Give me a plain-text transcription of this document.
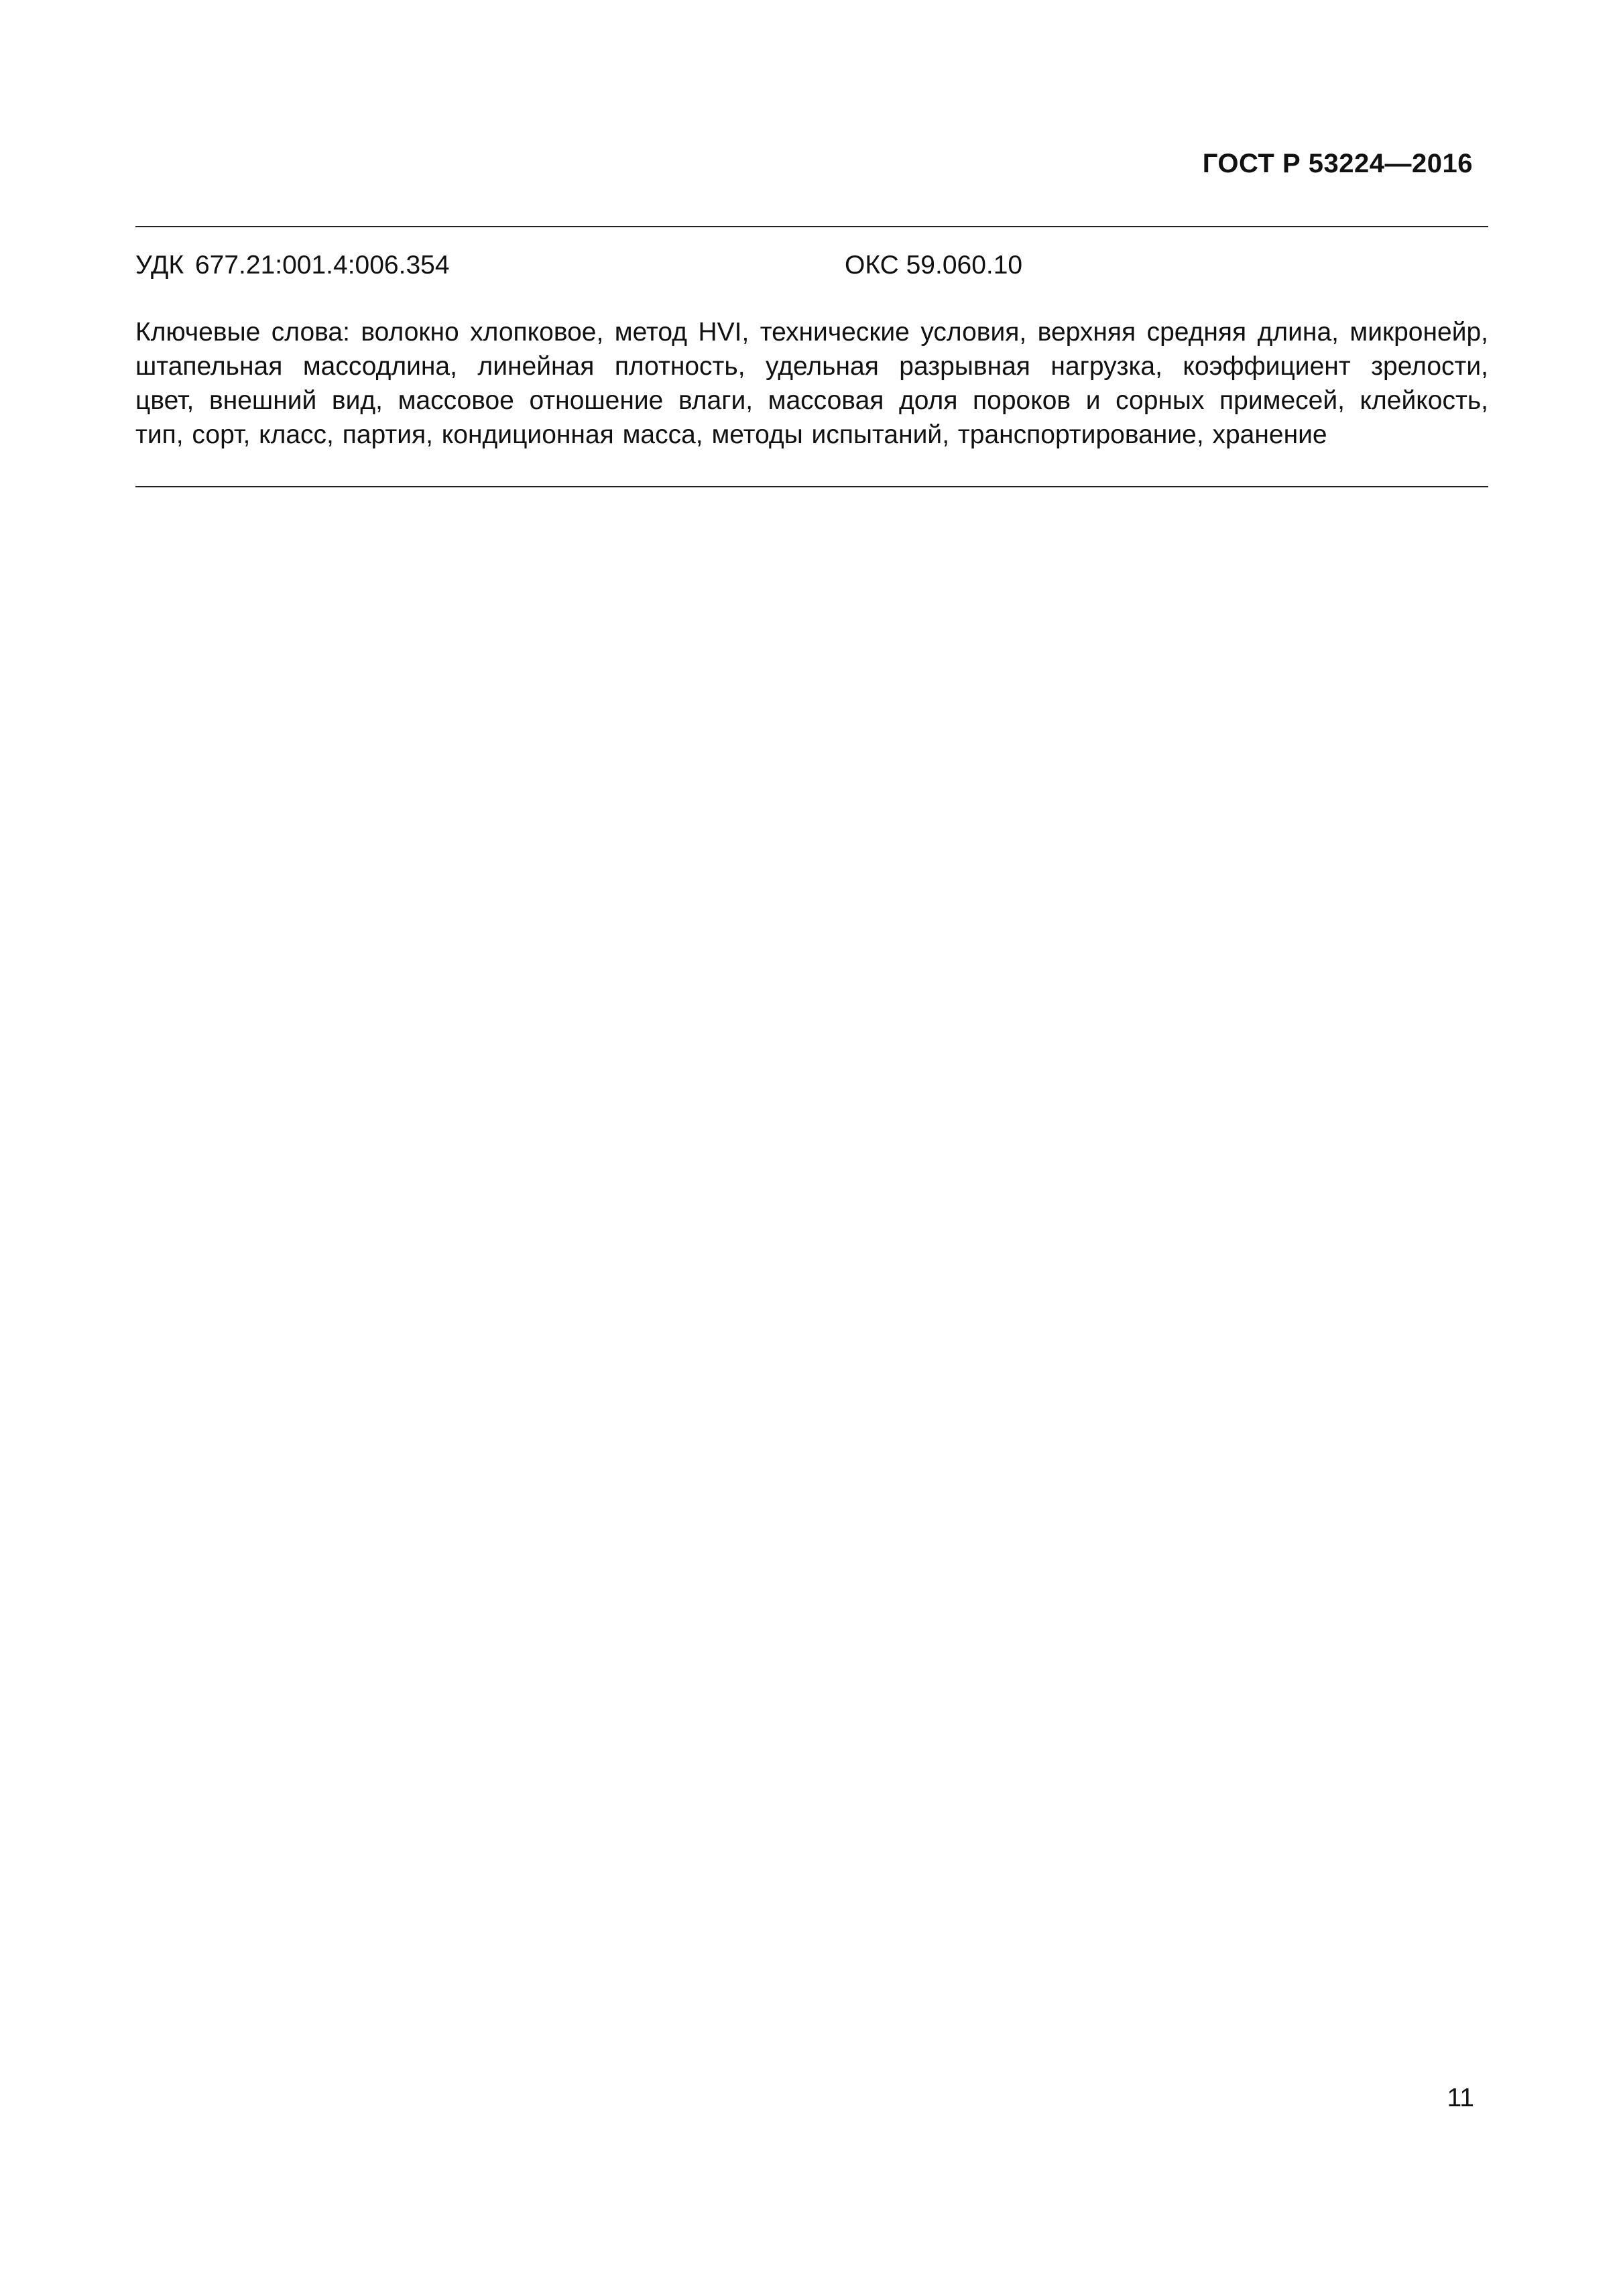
ГОСТ Р 53224—2016
УДК 677.21:001.4:006.354	ОКС 59.060.10
Ключевые слова: волокно хлопковое, метод HVI, технические условия, верхняя средняя длина, микронейр,
штапельная массодлина, линейная плотность, удельная разрывная нагрузка, коэффициент зрелости,
цвет, внешний вид, массовое отношение влаги, массовая доля пороков и сорных примесей, клейкость,
тип, сорт, класс, партия, кондиционная масса, методы испытаний, транспортирование, хранение
11
